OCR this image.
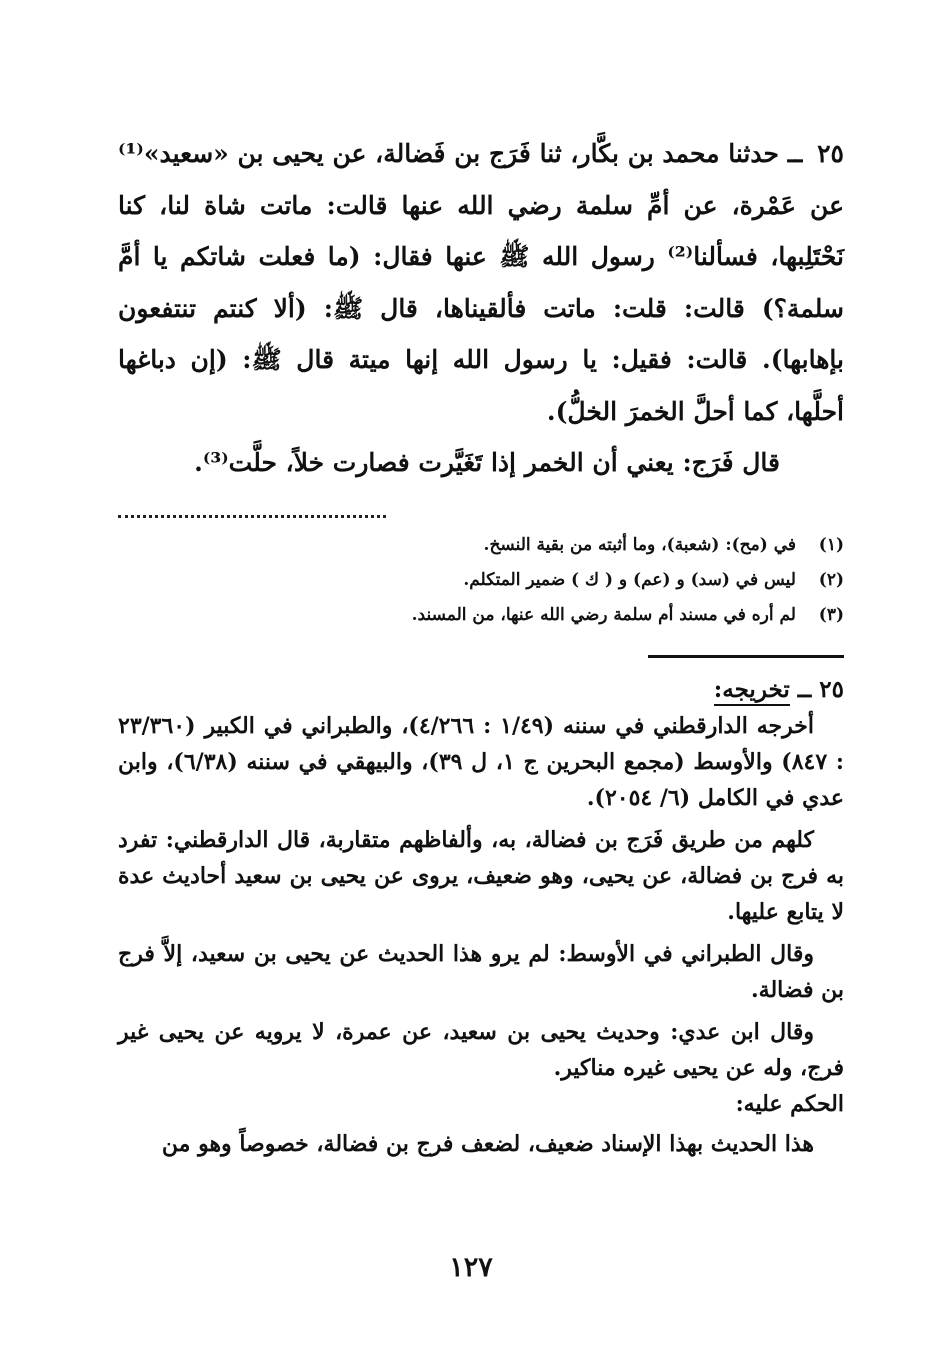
٢٥ ــ حدثنا محمد بن بكَّار، ثنا فَرَج بن فَضالة، عن يحيى بن «سعيد»⁽¹⁾ عن عَمْرة، عن أمِّ سلمة رضي الله عنها قالت: ماتت شاة لنا، كنا نَحْتَلِبها، فسألنا⁽²⁾ رسول الله ﷺ عنها فقال: (ما فعلت شاتكم يا أمَّ سلمة؟) قالت: قلت: ماتت فألقيناها، قال ﷺ: (ألا كنتم تنتفعون بإهابها). قالت: فقيل: يا رسول الله إنها ميتة قال ﷺ: (إن دباغها أحلَّها، كما أحلَّ الخمرَ الخلُّ).

قال فَرَج: يعني أن الخمر إذا تَغَيَّرت فصارت خلاً، حلَّت⁽³⁾.

(١)
في (مح): (شعبة)، وما أثبته من بقية النسخ.
(٢)
ليس في (سد) و (عم) و ( ك ) ضمير المتكلم.
(٣)
لم أره في مسند أم سلمة رضي الله عنها، من المسند.

٢٥ ــ تخريجه:

أخرجه الدارقطني في سننه (١/٤٩ : ٤/٢٦٦)، والطبراني في الكبير (٢٣/٣٦٠ : ٨٤٧) والأوسط (مجمع البحرين ج ١، ل ٣٩)، والبيهقي في سننه (٦/٣٨)، وابن عدي في الكامل (٦/ ٢٠٥٤).

كلهم من طريق فَرَج بن فضالة، به، وألفاظهم متقاربة، قال الدارقطني: تفرد به فرج بن فضالة، عن يحيى، وهو ضعيف، يروى عن يحيى بن سعيد أحاديث عدة لا يتابع عليها.

وقال الطبراني في الأوسط: لم يرو هذا الحديث عن يحيى بن سعيد، إلاَّ فرج بن فضالة.

وقال ابن عدي: وحديث يحيى بن سعيد، عن عمرة، لا يرويه عن يحيى غير فرج، وله عن يحيى غيره مناكير.

الحكم عليه:

هذا الحديث بهذا الإسناد ضعيف، لضعف فرج بن فضالة، خصوصاً وهو من

١٢٧
